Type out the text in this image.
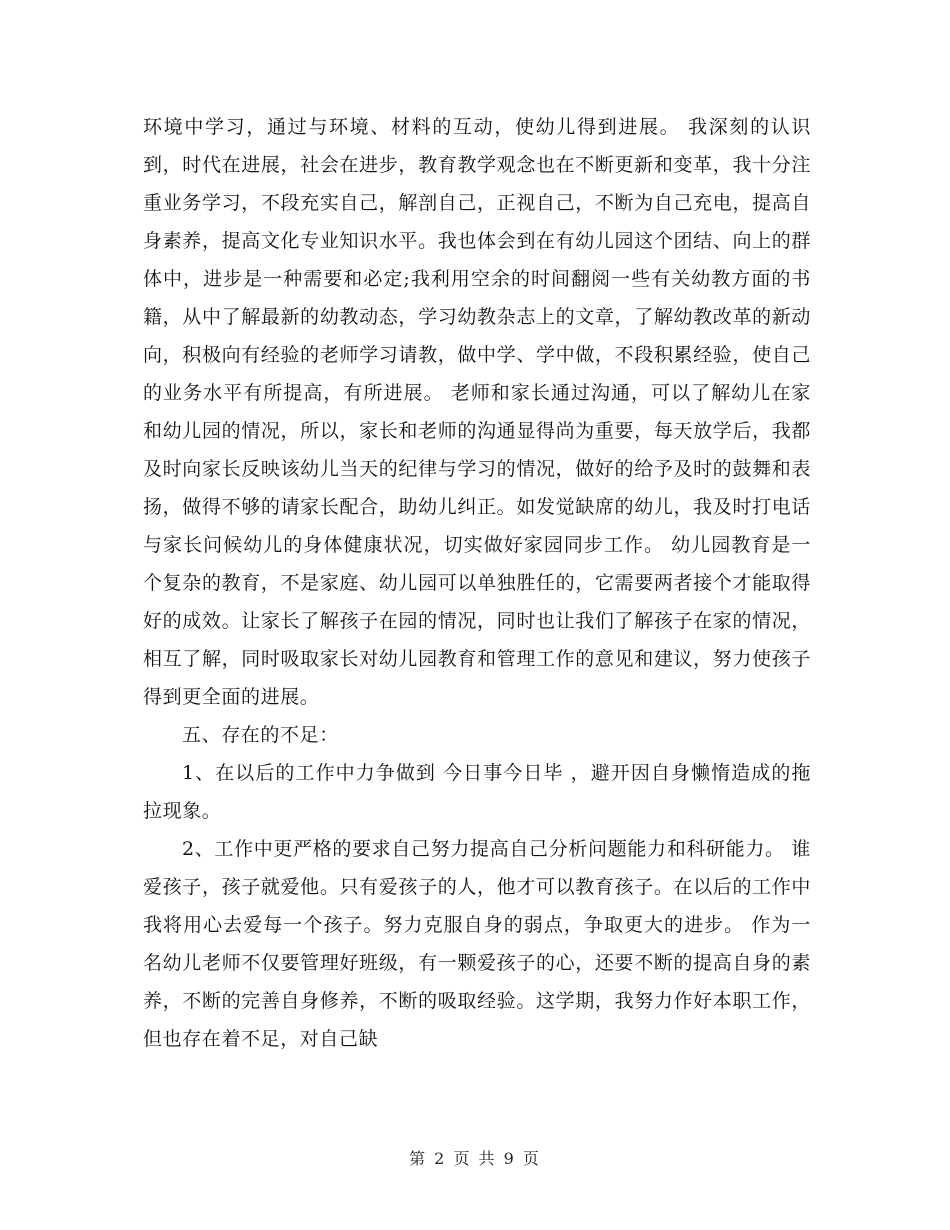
环境中学习，通过与环境、材料的互动，使幼儿得到进展。 我深刻的认识到，时代在进展，社会在进步，教育教学观念也在不断更新和变革，我十分注重业务学习，不段充实自己，解剖自己，正视自己，不断为自己充电，提高自身素养，提高文化专业知识水平。我也体会到在有幼儿园这个团结、向上的群体中，进步是一种需要和必定;我利用空余的时间翻阅一些有关幼教方面的书籍，从中了解最新的幼教动态，学习幼教杂志上的文章，了解幼教改革的新动向，积极向有经验的老师学习请教，做中学、学中做，不段积累经验，使自己的业务水平有所提高，有所进展。 老师和家长通过沟通，可以了解幼儿在家和幼儿园的情况，所以，家长和老师的沟通显得尚为重要，每天放学后，我都及时向家长反映该幼儿当天的纪律与学习的情况，做好的给予及时的鼓舞和表扬，做得不够的请家长配合，助幼儿纠正。如发觉缺席的幼儿，我及时打电话与家长问候幼儿的身体健康状况，切实做好家园同步工作。 幼儿园教育是一个复杂的教育，不是家庭、幼儿园可以单独胜任的，它需要两者接个才能取得好的成效。让家长了解孩子在园的情况，同时也让我们了解孩子在家的情况，相互了解，同时吸取家长对幼儿园教育和管理工作的意见和建议，努力使孩子得到更全面的进展。

五、存在的不足：

1、在以后的工作中力争做到 今日事今日毕 ，避开因自身懒惰造成的拖拉现象。

2、工作中更严格的要求自己努力提高自己分析问题能力和科研能力。 谁爱孩子，孩子就爱他。只有爱孩子的人，他才可以教育孩子。在以后的工作中我将用心去爱每一个孩子。努力克服自身的弱点，争取更大的进步。 作为一名幼儿老师不仅要管理好班级，有一颗爱孩子的心，还要不断的提高自身的素养，不断的完善自身修养，不断的吸取经验。这学期，我努力作好本职工作，但也存在着不足，对自己缺

第 2 页 共 9 页
